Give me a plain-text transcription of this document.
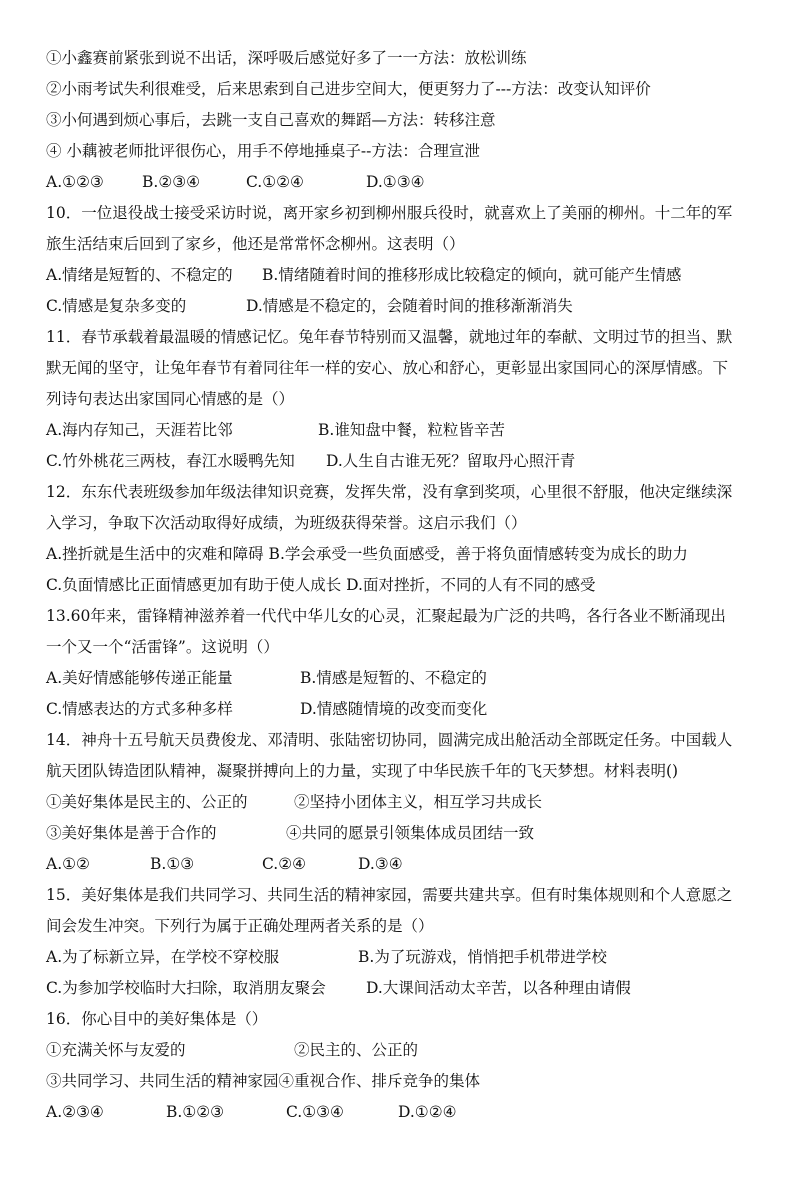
①小鑫赛前紧张到说不出话，深呼吸后感觉好多了一一方法：放松训练
②小雨考试失利很难受，后来思索到自己进步空间大，便更努力了---方法：改变认知评价
③小何遇到烦心事后，去跳一支自己喜欢的舞蹈—方法：转移注意
④ 小藕被老师批评很伤心，用手不停地捶桌子--方法：合理宣泄
A.①②③ B.②③④	C.①②④	D.①③④
10．一位退役战士接受采访时说，离开家乡初到柳州服兵役时，就喜欢上了美丽的柳州。十二年的军
旅生活结束后回到了家乡，他还是常常怀念柳州。这表明（）
A.情绪是短暂的、不稳定的 B.情绪随着时间的推移形成比较稳定的倾向，就可能产生情感
C.情感是复杂多变的	D.情感是不稳定的，会随着时间的推移渐渐消失
11．春节承载着最温暖的情感记忆。兔年春节特别而又温馨，就地过年的奉献、文明过节的担当、默
默无闻的坚守，让兔年春节有着同往年一样的安心、放心和舒心，更彰显出家国同心的深厚情感。下
列诗句表达出家国同心情感的是（）
A.海内存知己，天涯若比邻	B.谁知盘中餐，粒粒皆辛苦
C.竹外桃花三两枝，春江水暖鸭先知 D.人生自古谁无死？留取丹心照汗青
12．东东代表班级参加年级法律知识竞赛，发挥失常，没有拿到奖项，心里很不舒服，他决定继续深
入学习，争取下次活动取得好成绩，为班级获得荣誉。这启示我们（）
A.挫折就是生活中的灾难和障碍 B.学会承受一些负面感受，善于将负面情感转变为成长的助力
C.负面情感比正面情感更加有助于使人成长 D.面对挫折，不同的人有不同的感受
13.60年来，雷锋精神滋养着一代代中华儿女的心灵，汇聚起最为广泛的共鸣，各行各业不断涌现出
一个又一个“活雷锋”。这说明（）
A.美好情感能够传递正能量	B.情感是短暂的、不稳定的
C.情感表达的方式多种多样	D.情感随情境的改变而变化
14．神舟十五号航天员费俊龙、邓清明、张陆密切协同，圆满完成出舱活动全部既定任务。中国载人
航天团队铸造团队精神，凝聚拼搏向上的力量，实现了中华民族千年的飞天梦想。材料表明()
①美好集体是民主的、公正的	②坚持小团体主义，相互学习共成长
③美好集体是善于合作的	④共同的愿景引领集体成员团结一致
A.①②	B.①③	C.②④	D.③④
15．美好集体是我们共同学习、共同生活的精神家园，需要共建共享。但有时集体规则和个人意愿之
间会发生冲突。下列行为属于正确处理两者关系的是（）
A.为了标新立异，在学校不穿校服	B.为了玩游戏，悄悄把手机带进学校
C.为参加学校临时大扫除，取消朋友聚会	D.大课间活动太辛苦，以各种理由请假
16．你心目中的美好集体是（）
①充满关怀与友爱的	②民主的、公正的
③共同学习、共同生活的精神家园④重视合作、排斥竞争的集体
A.②③④	B.①②③	C.①③④	D.①②④
